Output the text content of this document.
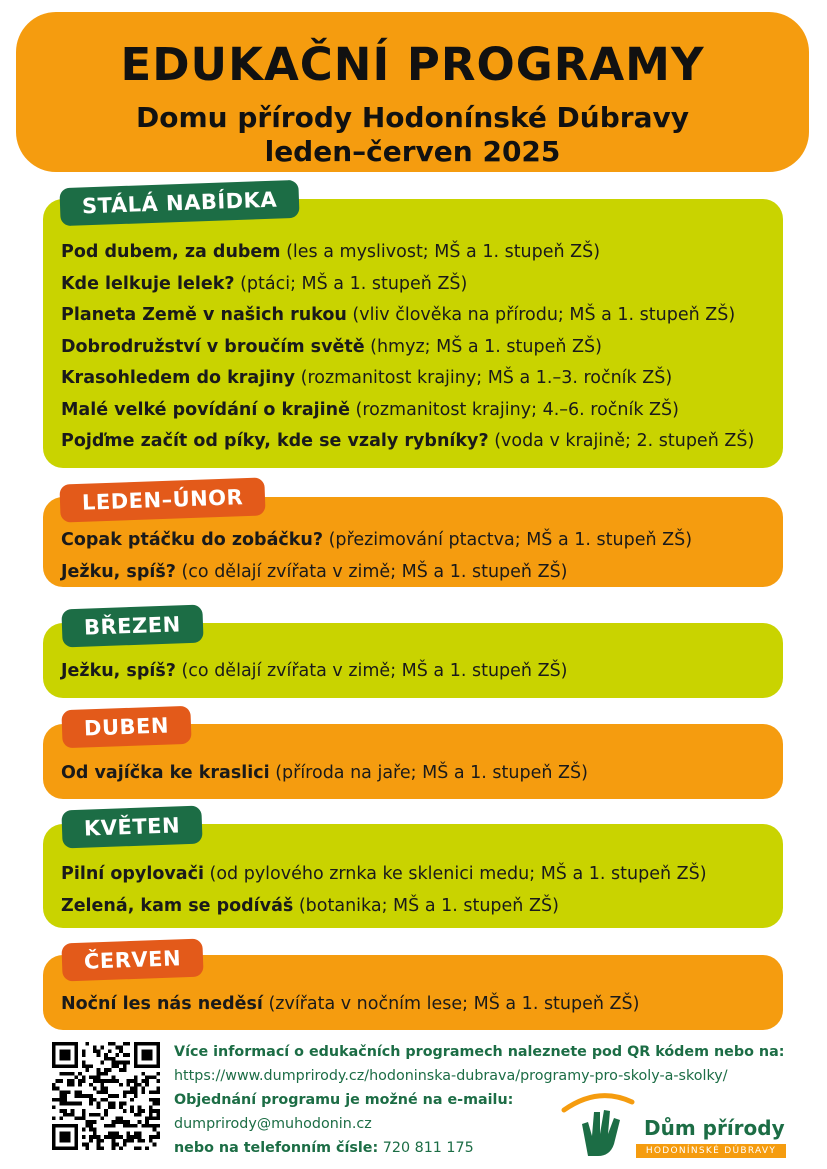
EDUKAČNÍ PROGRAMY
Domu přírody Hodonínské Dúbravy
leden–červen 2025
Pod dubem, za dubem (les a myslivost; MŠ a 1. stupeň ZŠ)
Kde lelkuje lelek? (ptáci; MŠ a 1. stupeň ZŠ)
Planeta Země v našich rukou (vliv člověka na přírodu; MŠ a 1. stupeň ZŠ)
Dobrodružství v broučím světě (hmyz; MŠ a 1. stupeň ZŠ)
Krasohledem do krajiny (rozmanitost krajiny; MŠ a 1.–3. ročník ZŠ)
Malé velké povídání o krajině (rozmanitost krajiny; 4.–6. ročník ZŠ)
Pojďme začít od píky, kde se vzaly rybníky? (voda v krajině; 2. stupeň ZŠ)
STÁLÁ NABÍDKA
Copak ptáčku do zobáčku? (přezimování ptactva; MŠ a 1. stupeň ZŠ)
Ježku, spíš? (co dělají zvířata v zimě; MŠ a 1. stupeň ZŠ)
LEDEN–ÚNOR
Ježku, spíš? (co dělají zvířata v zimě; MŠ a 1. stupeň ZŠ)
BŘEZEN
Od vajíčka ke kraslici (příroda na jaře; MŠ a 1. stupeň ZŠ)
DUBEN
Pilní opylovači (od pylového zrnka ke sklenici medu; MŠ a 1. stupeň ZŠ)
Zelená, kam se podíváš (botanika; MŠ a 1. stupeň ZŠ)
KVĚTEN
Noční les nás neděsí (zvířata v nočním lese; MŠ a 1. stupeň ZŠ)
ČERVEN
Více informací o edukačních programech naleznete pod QR kódem nebo na:
https://www.dumprirody.cz/hodoninska-dubrava/programy-pro-skoly-a-skolky/
Objednání programu je možné na e-mailu:
dumprirody@muhodonin.cz
nebo na telefonním čísle: 720 811 175
Dům přírody
HODONÍNSKÉ DÚBRAVY
